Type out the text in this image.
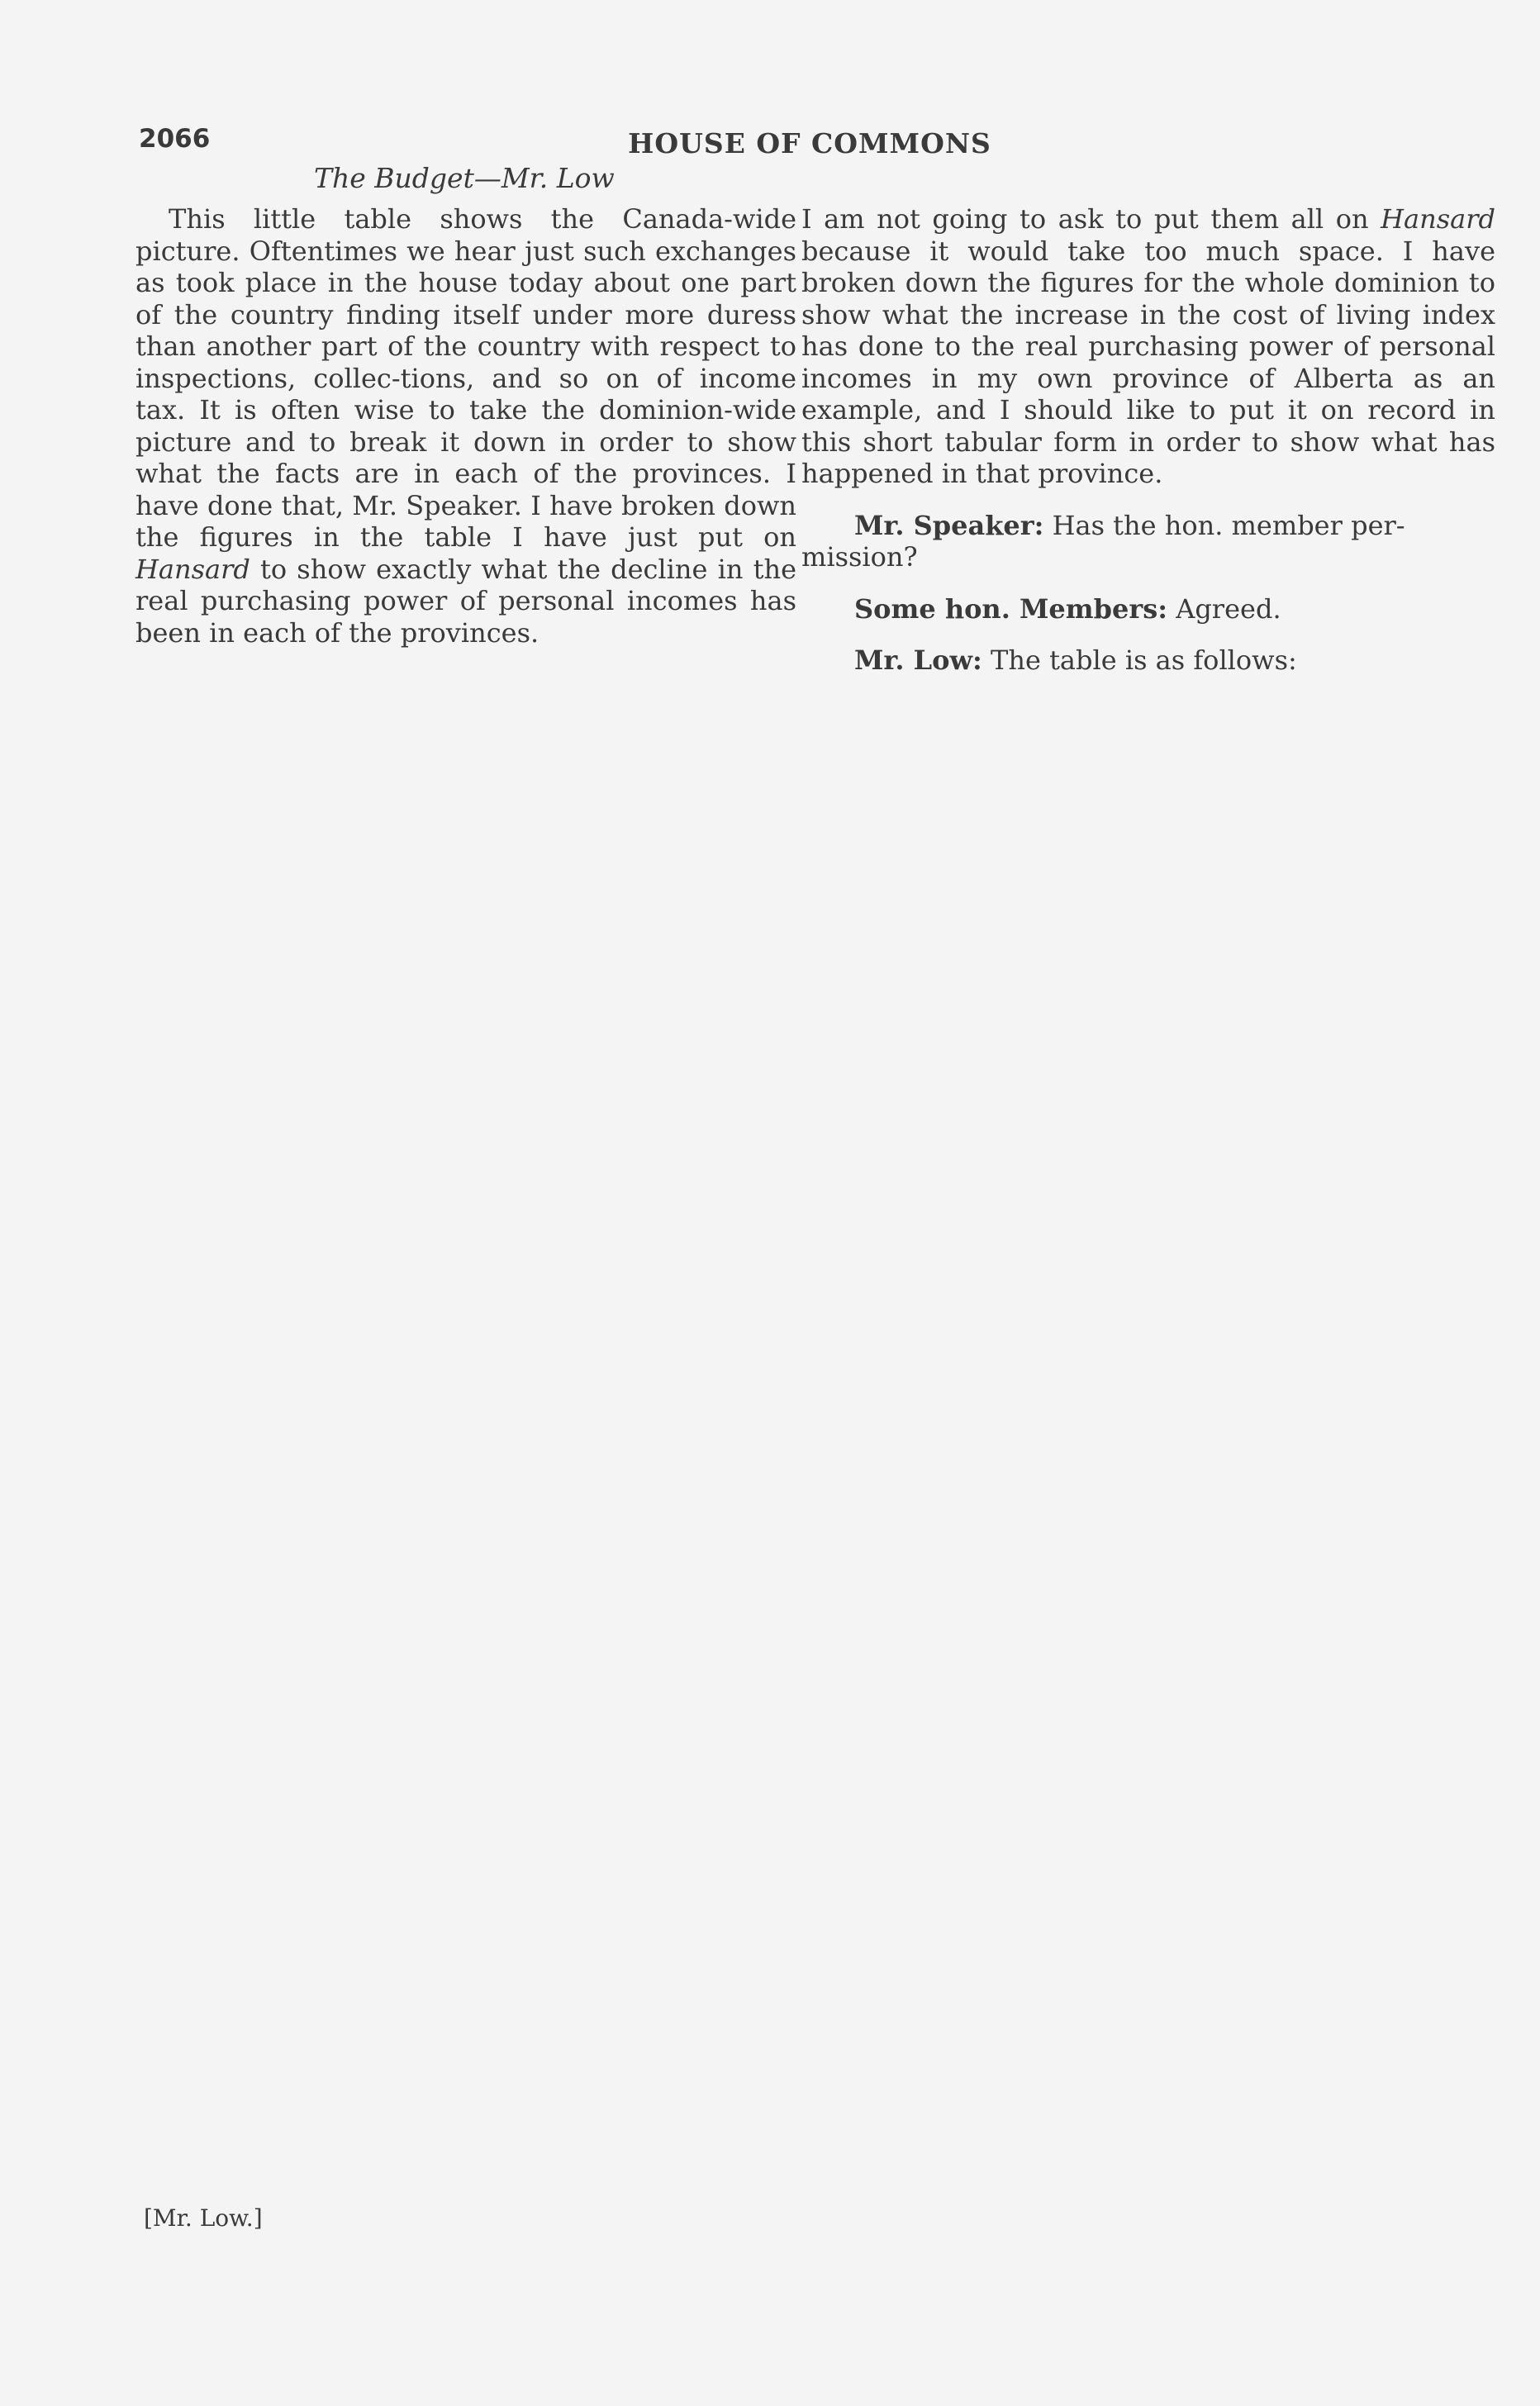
2066	HOUSE OF COMMONS
The Budget—Mr. Low

This little table shows the Canada-wide picture. Oftentimes we hear just such exchanges as took place in the house today about one part of the country finding itself under more duress than another part of the country with respect to inspections, collec-tions, and so on of income tax. It is often wise to take the dominion-wide picture and to break it down in order to show what the facts are in each of the provinces. I have done that, Mr. Speaker. I have broken down the figures in the table I have just put on Hansard to show exactly what the decline in the real purchasing power of personal incomes has been in each of the provinces.

I am not going to ask to put them all on Hansard because it would take too much space. I have broken down the figures for the whole dominion to show what the increase in the cost of living index has done to the real purchasing power of personal incomes in my own province of Alberta as an example, and I should like to put it on record in this short tabular form in order to show what has happened in that province.

Mr. Speaker: Has the hon. member per-mission?

Some hon. Members: Agreed.

Mr. Low: The table is as follows:

[Mr. Low.]
